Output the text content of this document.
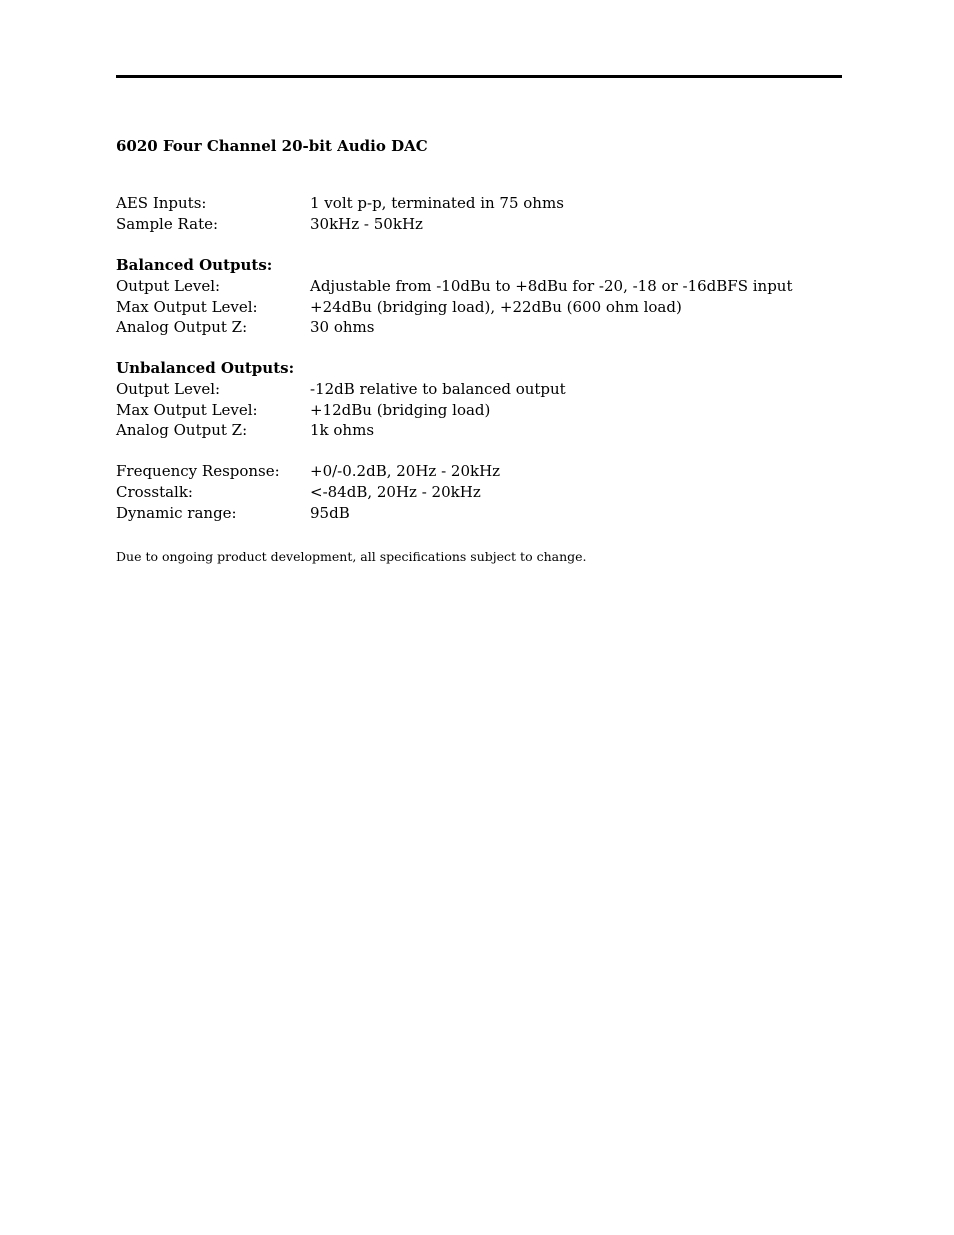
6020 Four Channel 20-bit Audio DAC
AES Inputs:	1 volt p-p, terminated in 75 ohms
Sample Rate:	30kHz - 50kHz
Balanced Outputs:
Output Level:	Adjustable from -10dBu to +8dBu for -20, -18 or -16dBFS input
Max Output Level:	+24dBu (bridging load), +22dBu (600 ohm load)
Analog Output Z:	30 ohms
Unbalanced Outputs:
Output Level:	-12dB relative to balanced output
Max Output Level:	+12dBu (bridging load)
Analog Output Z:	1k ohms
Frequency Response:	+0/-0.2dB, 20Hz - 20kHz
Crosstalk:	<-84dB, 20Hz - 20kHz
Dynamic range:	95dB
Due to ongoing product development, all specifications subject to change.
